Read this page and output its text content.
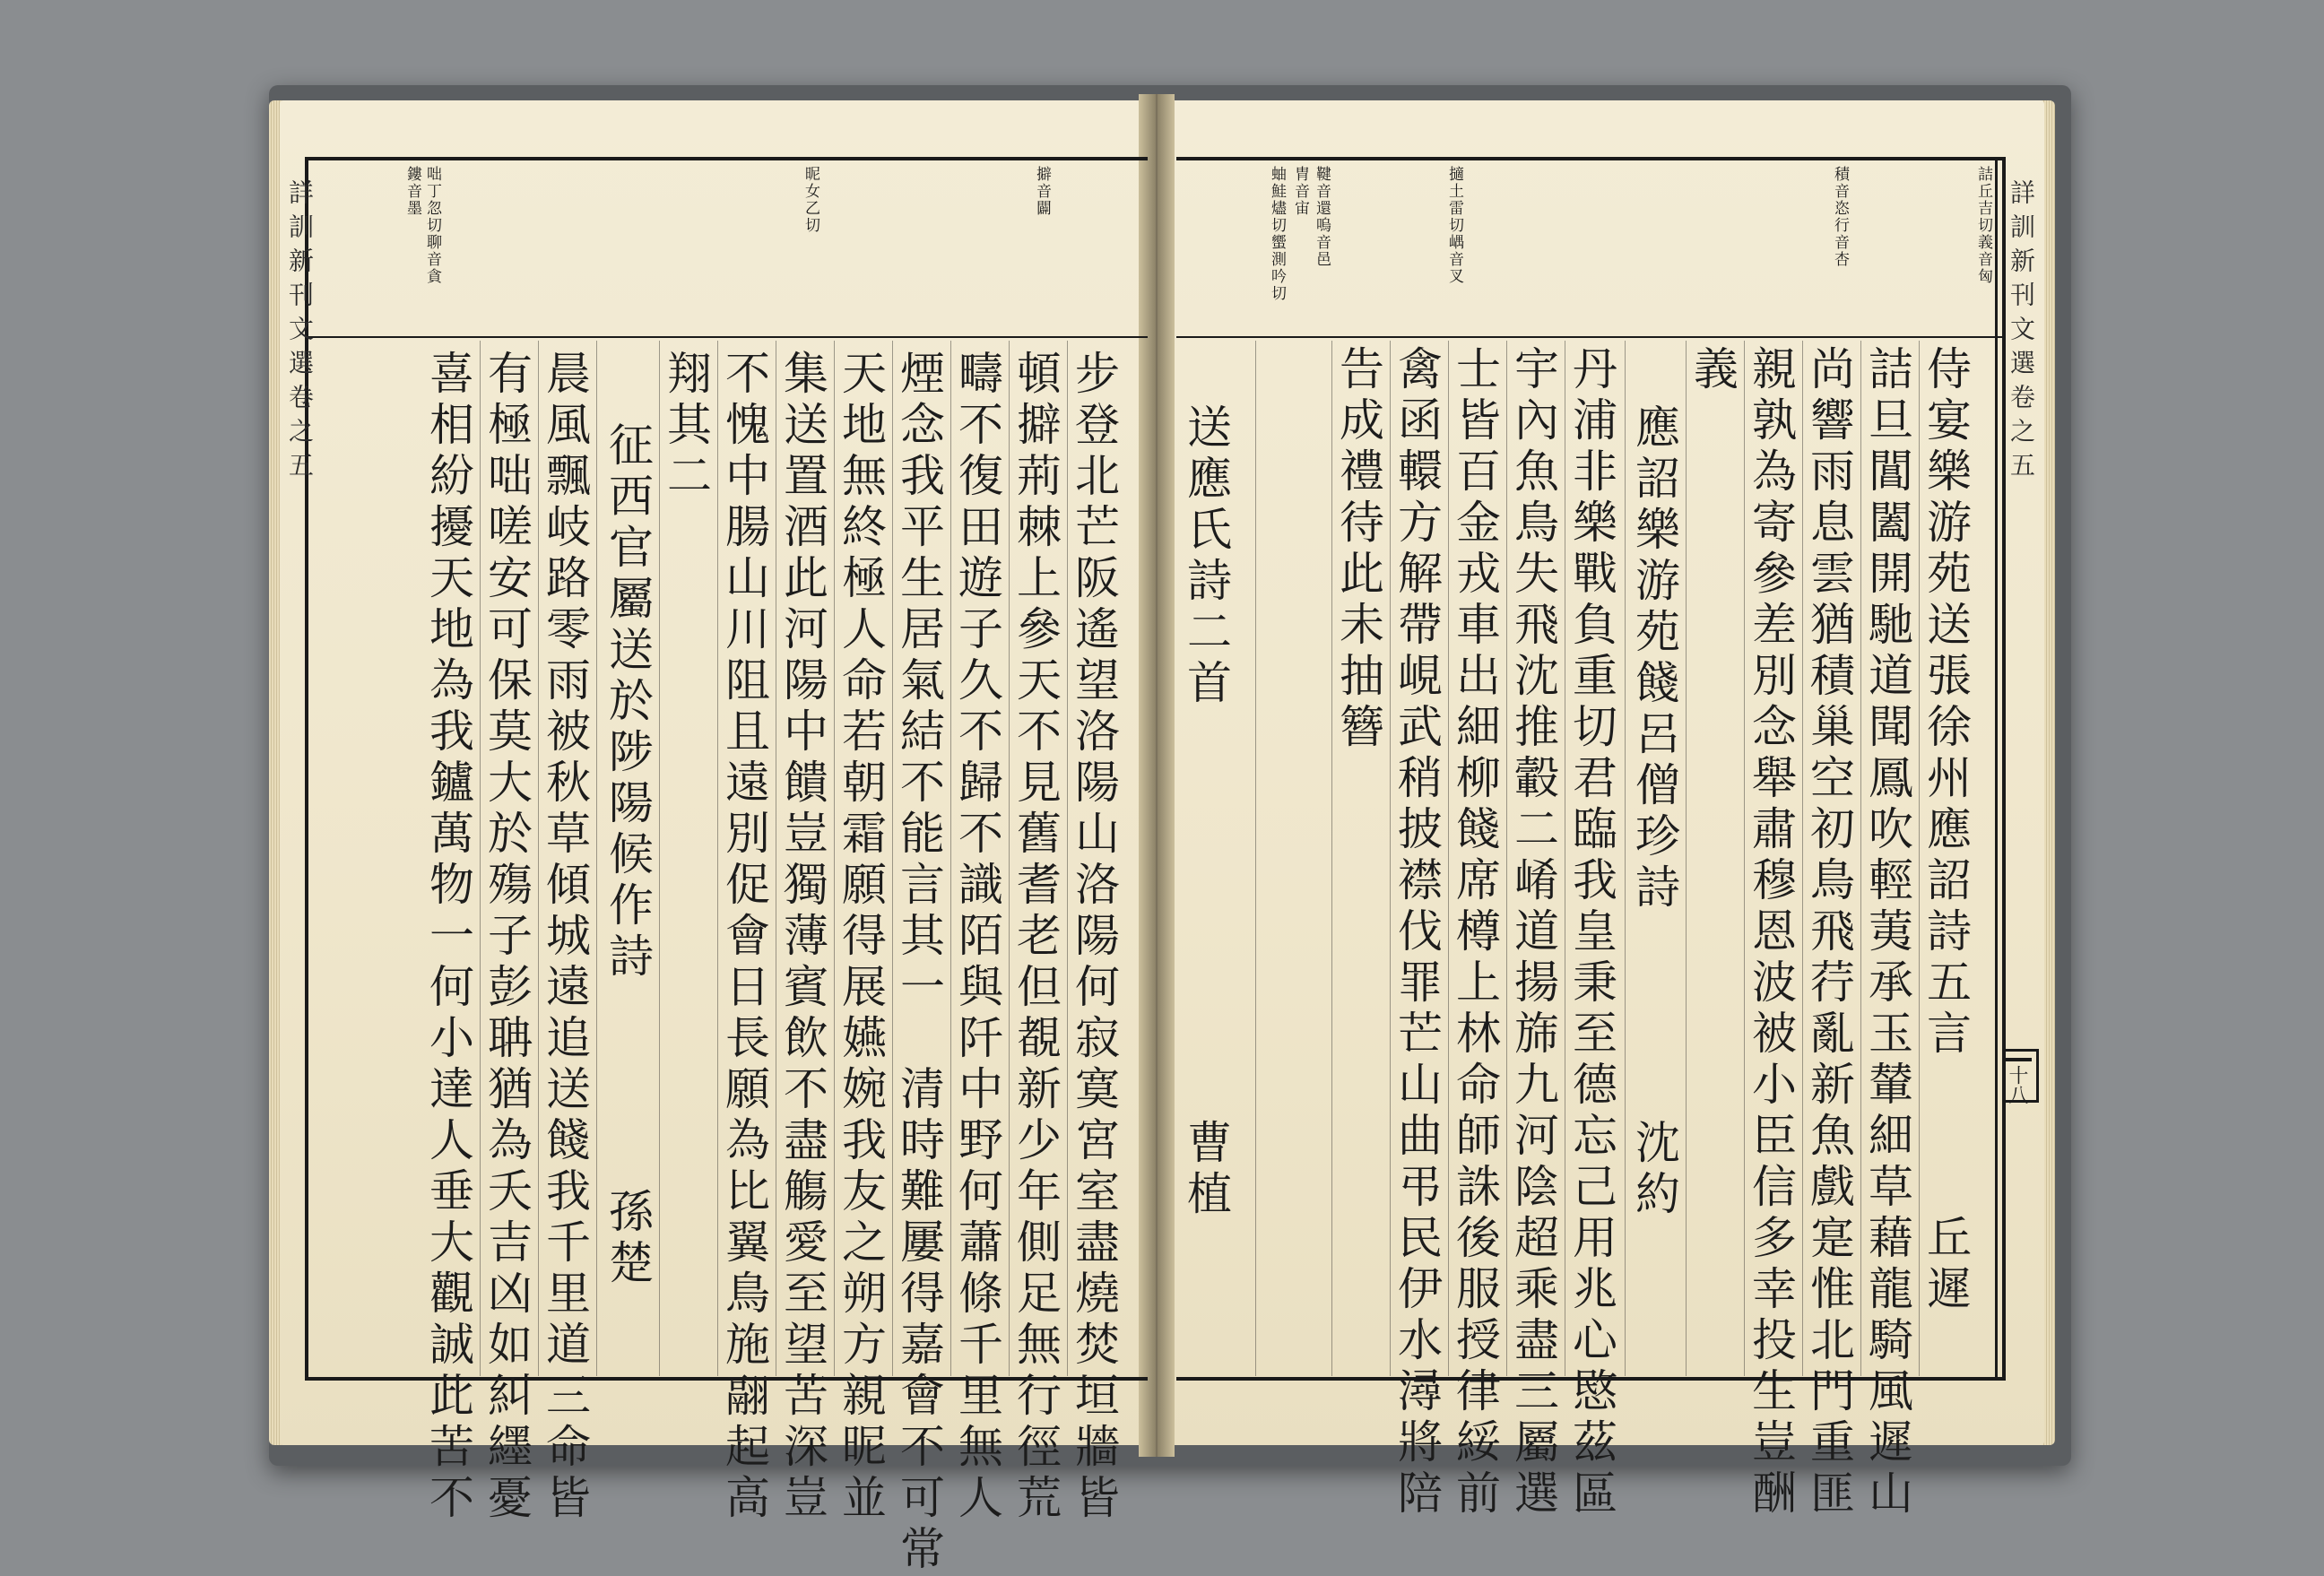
詳訓新刊文選卷之五	咄丁忽切聊音貪
鏤音墨	昵女乙切	擗音闢
步登北芒阪遙望洛陽山洛陽何寂寞宮室盡燒焚垣牆皆
頓擗荊棘上參天不見舊耆老但覩新少年側足無行徑荒
疇不復田遊子久不歸不識陌與阡中野何蕭條千里無人
煙念我平生居氣結不能言其一　清時難屢得嘉會不可常
天地無終極人命若朝霜願得展嬿婉我友之朔方親昵並
集送置酒此河陽中饋豈獨薄賓飲不盡觴愛至望苦深豈
不愧中腸山川阻且遠別促會日長願為比翼鳥施翮起高
翔其二
征西官屬送於陟陽候作詩　　　　孫楚
晨風飄岐路零雨被秋草傾城遠追送餞我千里道三命皆
有極咄嗟安可保莫大於殤子彭聃猶為夭吉凶如糾纆憂
喜相紛擾天地為我鑪萬物一何小達人垂大觀誠此苦不
詳訓新刊文選卷之五
十八
詰丘吉切義音匈
積音恣行音杏
擿土雷切嵎音叉
鞬音還嗚音邑
胄音宙
蚰鮭燼切蠁測吟切
侍宴樂游苑送張徐州應詔詩五言　　　丘遲
詰旦閶闔開馳道聞鳳吹輕荑承玉輦細草藉龍騎風遲山
尚響雨息雲猶積巢空初鳥飛荇亂新魚戲寔惟北門重匪
親孰為寄參差別念舉肅穆恩波被小臣信多幸投生豈酬
義
應詔樂游苑餞呂僧珍詩　　　　沈約
丹浦非樂戰負重切君臨我皇秉至德忘己用兆心愍茲區
宇內魚鳥失飛沈推轂二崤道揚旆九河陰超乘盡三屬選
士皆百金戎車出細柳餞席樽上林命師誅後服授律綏前
禽函轘方解帶峴武稍披襟伐罪芒山曲弔民伊水潯將陪
告成禮待此未抽簪
送應氏詩二首　　　　　　　　曹植
